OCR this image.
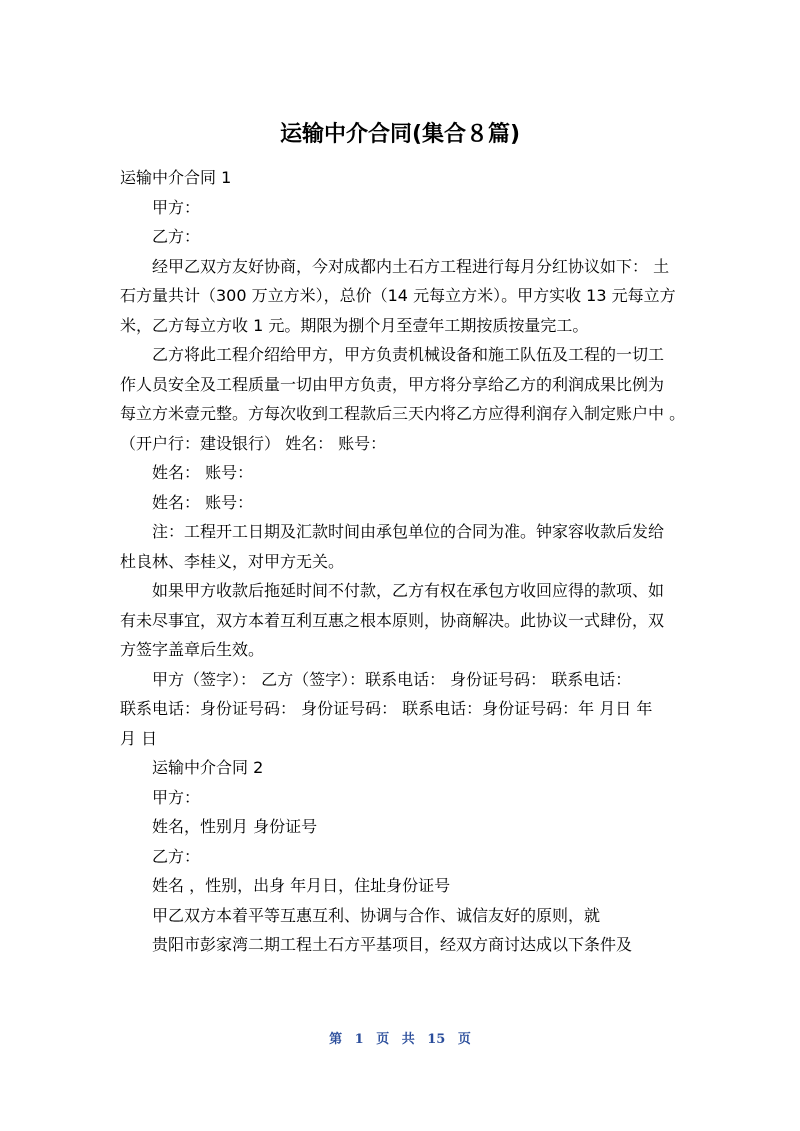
运输中介合同(集合８篇)

运输中介合同 1

甲方：

乙方：

经甲乙双方友好协商，今对成都内土石方工程进行每月分红协议如下： 土

石方量共计（300 万立方米），总价（14 元每立方米）。甲方实收 13 元每立方

米，乙方每立方收 1 元。期限为捌个月至壹年工期按质按量完工。

乙方将此工程介绍给甲方，甲方负责机械设备和施工队伍及工程的一切工

作人员安全及工程质量一切由甲方负责，甲方将分享给乙方的利润成果比例为

每立方米壹元整。方每次收到工程款后三天内将乙方应得利润存入制定账户中 。

（开户行：建设银行） 姓名： 账号：

姓名： 账号：

姓名： 账号：

注：工程开工日期及汇款时间由承包单位的合同为准。钟家容收款后发给

杜良林、李桂义，对甲方无关。

如果甲方收款后拖延时间不付款，乙方有权在承包方收回应得的款项、如

有未尽事宜，双方本着互利互惠之根本原则，协商解决。此协议一式肆份，双

方签字盖章后生效。

甲方（签字）： 乙方（签字）：联系电话： 身份证号码： 联系电话：

联系电话：身份证号码： 身份证号码： 联系电话：身份证号码：年 月日 年

月 日

运输中介合同 2

甲方：

姓名，性别月 身份证号

乙方：

姓名 ，性别，出身 年月日，住址身份证号

甲乙双方本着平等互惠互利、协调与合作、诚信友好的原则，就

贵阳市彭家湾二期工程土石方平基项目，经双方商讨达成以下条件及

第 1 页 共 15 页
